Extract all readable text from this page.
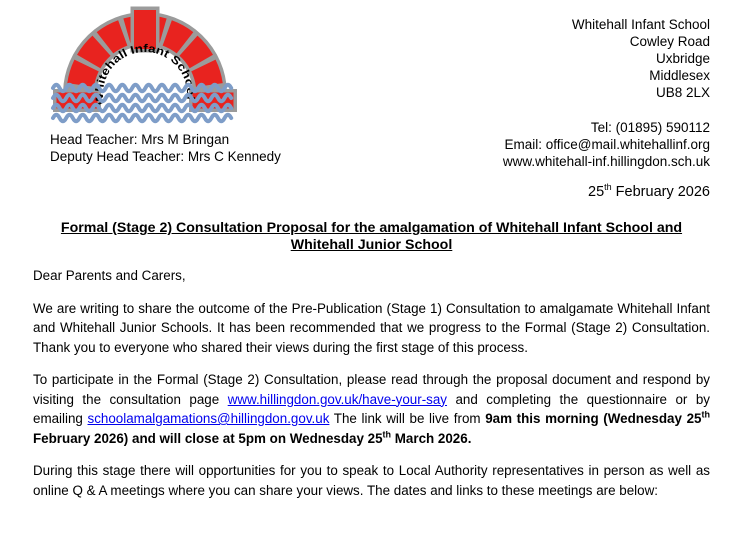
Whitehall Infant School
Head Teacher: Mrs M Bringan
Deputy Head Teacher: Mrs C Kennedy
Whitehall Infant School
Cowley Road
Uxbridge
Middlesex
UB8 2LX
Tel: (01895) 590112
Email: office@mail.whitehallinf.org
www.whitehall-inf.hillingdon.sch.uk
25th February 2026
Formal (Stage 2) Consultation Proposal for the amalgamation of Whitehall Infant School and Whitehall Junior School

Dear Parents and Carers,

We are writing to share the outcome of the Pre-Publication (Stage 1) Consultation to amalgamate Whitehall Infant and Whitehall Junior Schools. It has been recommended that we progress to the Formal (Stage 2) Consultation. Thank you to everyone who shared their views during the first stage of this process.

To participate in the Formal (Stage 2) Consultation, please read through the proposal document and respond by visiting the consultation page www.hillingdon.gov.uk/have-your-say and completing the questionnaire or by emailing schoolamalgamations@hillingdon.gov.uk The link will be live from 9am this morning (Wednesday 25th February 2026) and will close at 5pm on Wednesday 25th March 2026.

During this stage there will opportunities for you to speak to Local Authority representatives in person as well as online Q & A meetings where you can share your views. The dates and links to these meetings are below:
